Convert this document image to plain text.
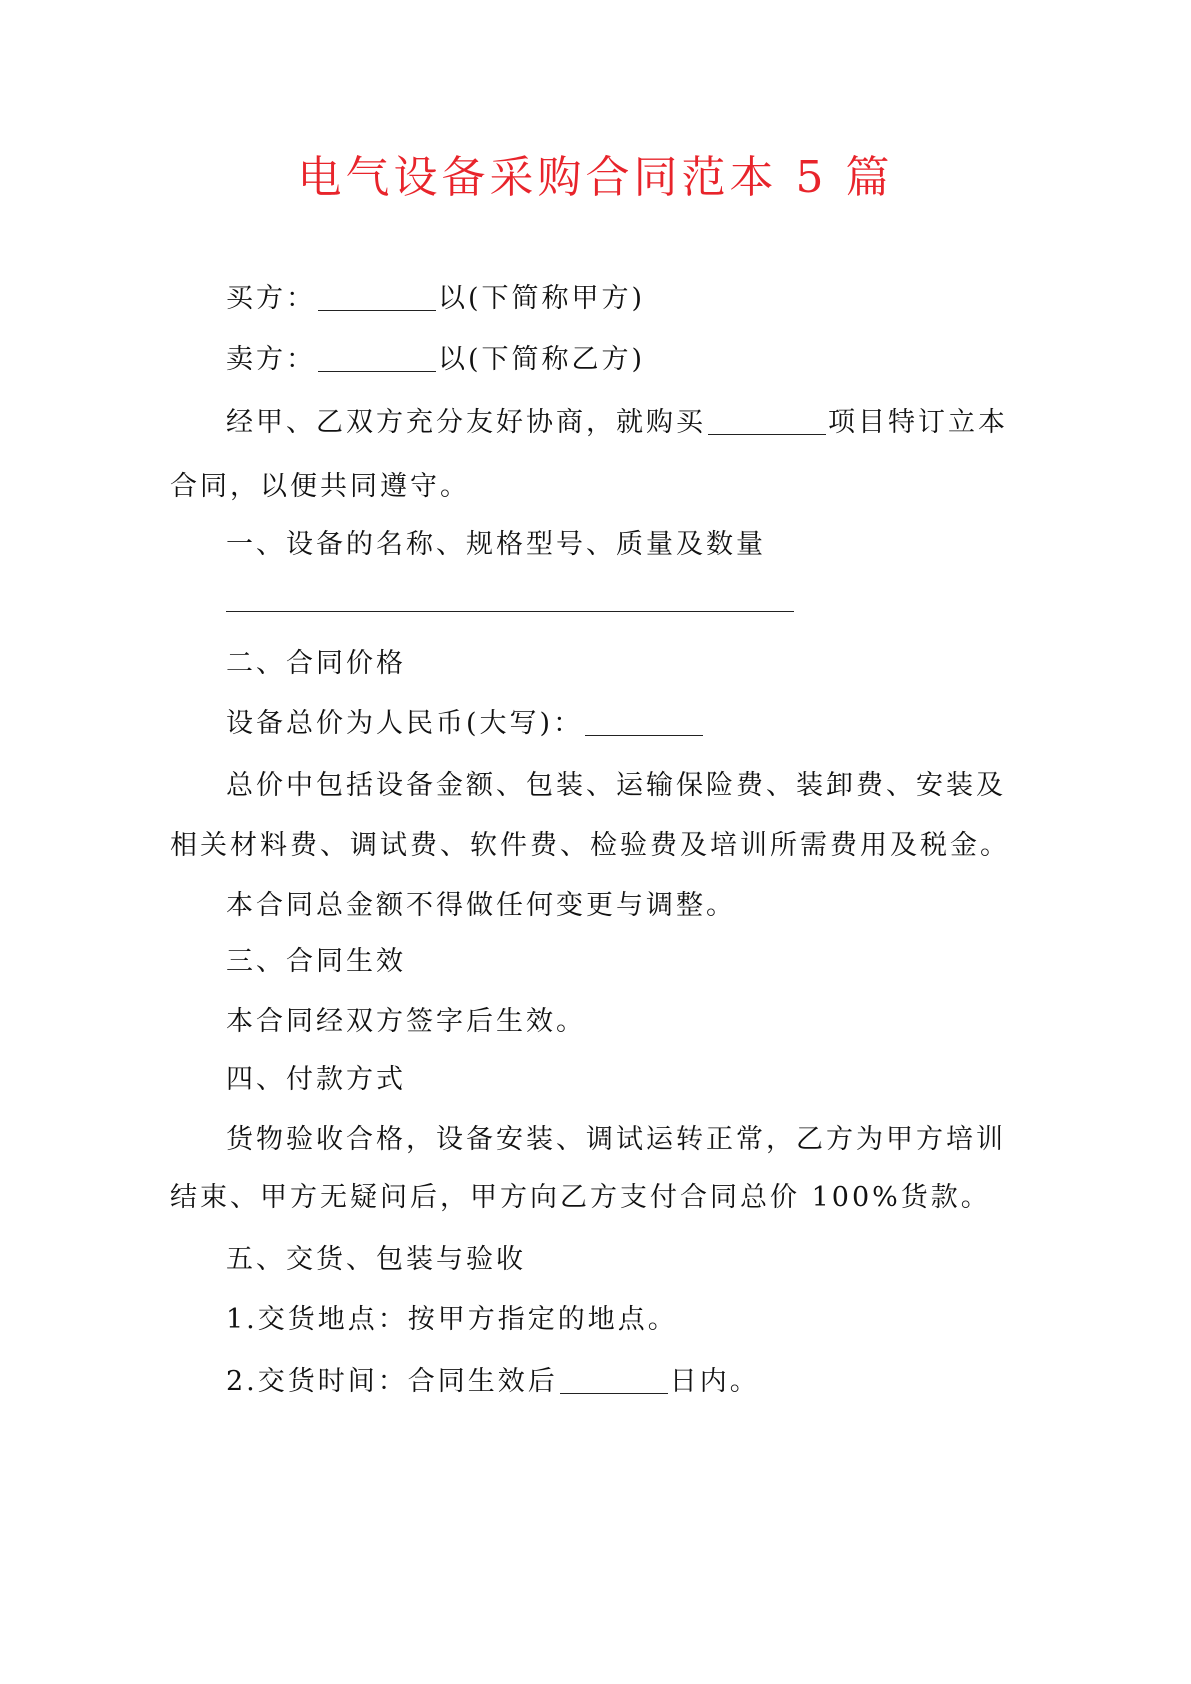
电气设备采购合同范本 5 篇
买方：	以(下简称甲方)
卖方：	以(下简称乙方)
经甲、乙双方充分友好协商，就购买	项目特订立本
合同，以便共同遵守。
一、设备的名称、规格型号、质量及数量
二、合同价格
设备总价为人民币(大写)：
总价中包括设备金额、包装、运输保险费、装卸费、安装及
相关材料费、调试费、软件费、检验费及培训所需费用及税金。
本合同总金额不得做任何变更与调整。
三、合同生效
本合同经双方签字后生效。
四、付款方式
货物验收合格，设备安装、调试运转正常，乙方为甲方培训
结束、甲方无疑问后，甲方向乙方支付合同总价 100%货款。
五、交货、包装与验收
1.交货地点：按甲方指定的地点。
2.交货时间：合同生效后	日内。
